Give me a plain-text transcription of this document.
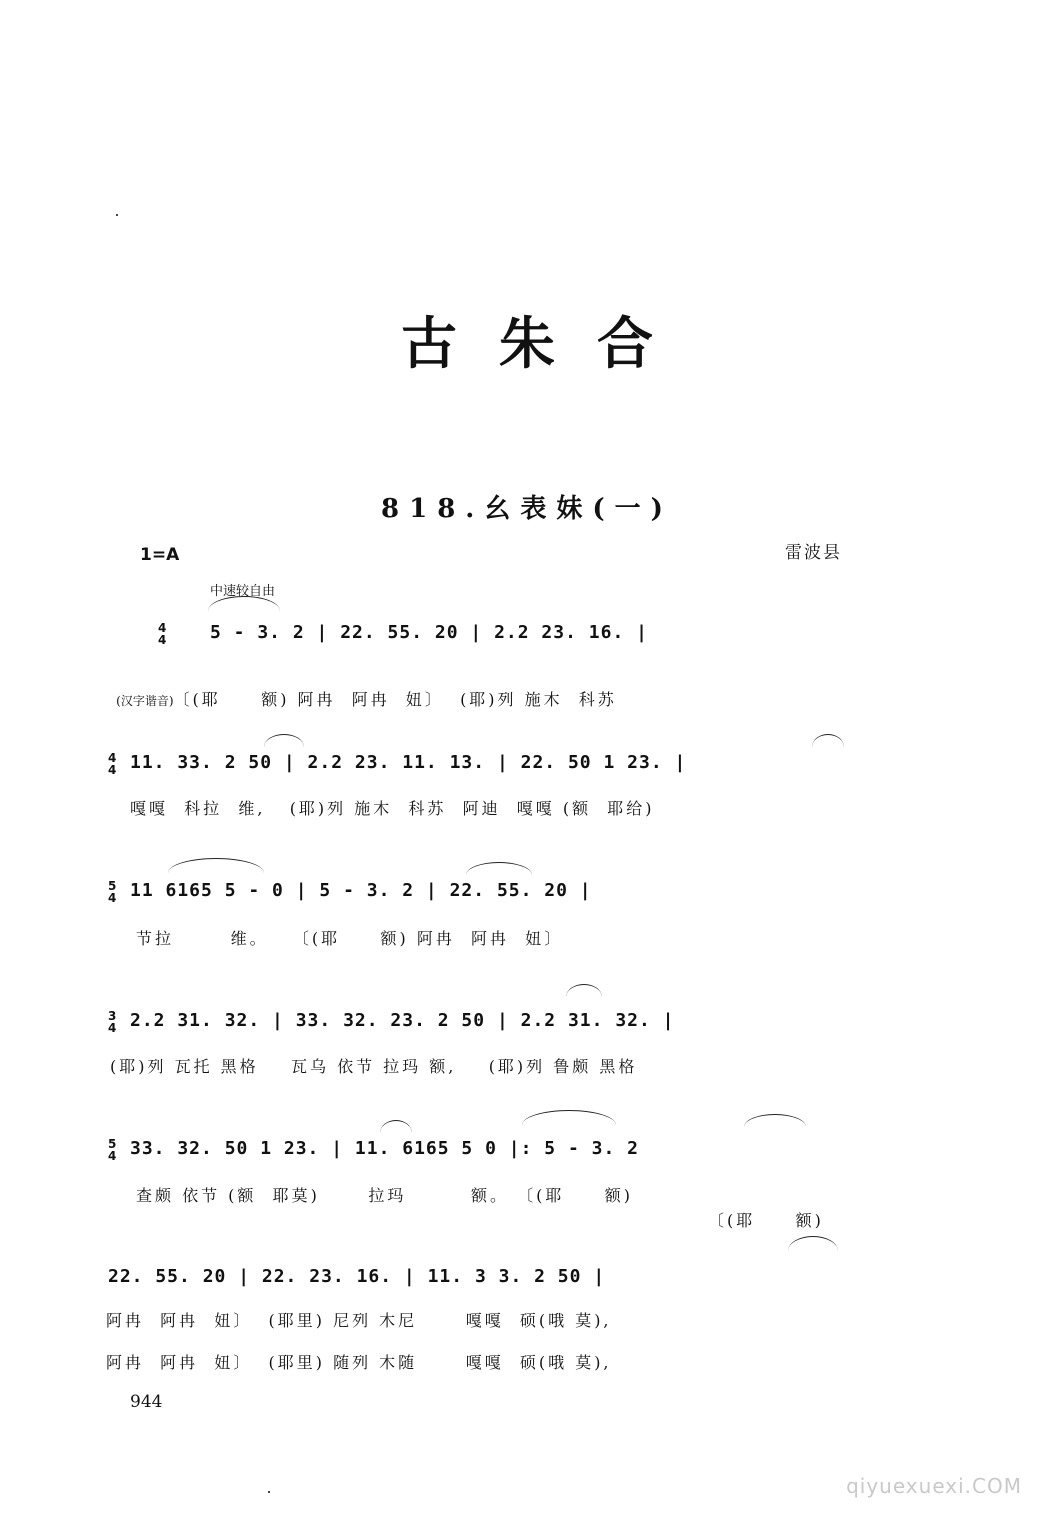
古朱合
818.幺表妹(一)
1=A	雷波县
中速较自由
4
4 5 - 3. 2 | 22. 55. 20 | 2.2 23. 16. |

(汉字谐音)〔(耶     额) 阿冉  阿冉  妞〕  (耶)列 施木  科苏

4
4 11. 33. 2 50 | 2.2 23. 11. 13. | 22. 50 1 23. |
嘎嘎  科拉  维,   (耶)列 施木  科苏  阿迪  嘎嘎 (额  耶给)
5
4 11 6165 5 - 0 | 5 - 3. 2 | 22. 55. 20 |
节拉       维。   〔(耶     额) 阿冉  阿冉  妞〕
3
4 2.2 31. 32. | 33. 32. 23. 2 50 | 2.2 31. 32. |
(耶)列 瓦托 黑格    瓦乌 依节 拉玛 额,    (耶)列 鲁颇 黑格
5
4 33. 32. 50 1 23. | 11. 6165 5 0 |: 5 - 3. 2
查颇 依节 (额  耶莫)      拉玛        额。 〔(耶     额)
〔(耶     额)
22. 55. 20 | 22. 23. 16. | 11. 3 3. 2 50 |
阿冉  阿冉  妞〕  (耶里) 尼列 木尼      嘎嘎  硕(哦 莫),
阿冉  阿冉  妞〕  (耶里) 随列 木随      嘎嘎  硕(哦 莫),
944
qiyuexuexi.COM
